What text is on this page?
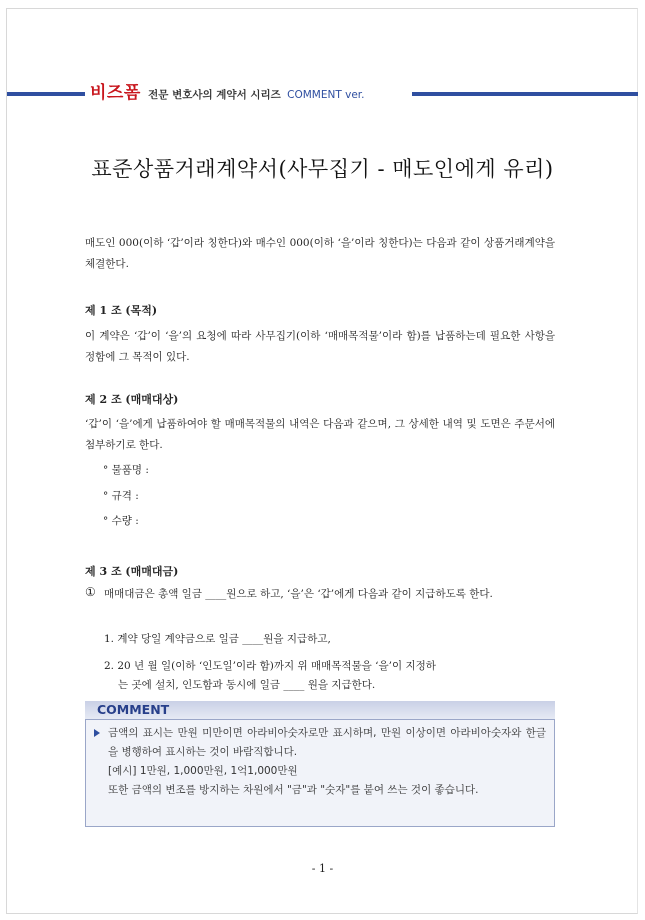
비즈폼 전문 변호사의 계약서 시리즈 COMMENT ver.
표준상품거래계약서(사무집기 - 매도인에게 유리)
매도인 000(이하 ‘갑’이라 칭한다)와 매수인 000(이하 ‘을’이라 칭한다)는 다음과 같이 상품거래계약을 체결한다.
제 1 조 (목적)
이 계약은 ‘갑’이 ‘을’의 요청에 따라 사무집기(이하 ‘매매목적물’이라 함)를 납품하는데 필요한 사항을 정함에 그 목적이 있다.
제 2 조 (매매대상)
‘갑’이 ‘을’에게 납품하여야 할 매매목적물의 내역은 다음과 같으며, 그 상세한 내역 및 도면은 주문서에 첨부하기로 한다.
° 물품명 :
° 규격 :
° 수량 :
제 3 조 (매매대금)
① 매매대금은 총액 일금 ____원으로 하고, ‘을’은 ‘갑’에게 다음과 같이 지급하도록 한다.
1. 계약 당일 계약금으로 일금 ____원을 지급하고,
2. 20 년 월 일(이하 ‘인도일’이라 함)까지 위 매매목적물을 ‘을’이 지정하
는 곳에 설치, 인도함과 동시에 일금 ____ 원을 지급한다.
COMMENT

금액의 표시는 만원 미만이면 아라비아숫자로만 표시하며, 만원 이상이면 아라비아숫자와 한글을 병행하여 표시하는 것이 바람직합니다.

[예시] 1만원, 1,000만원, 1억1,000만원

또한 금액의 변조를 방지하는 차원에서 "금"과 "숫자"를 붙여 쓰는 것이 좋습니다.

- 1 -
